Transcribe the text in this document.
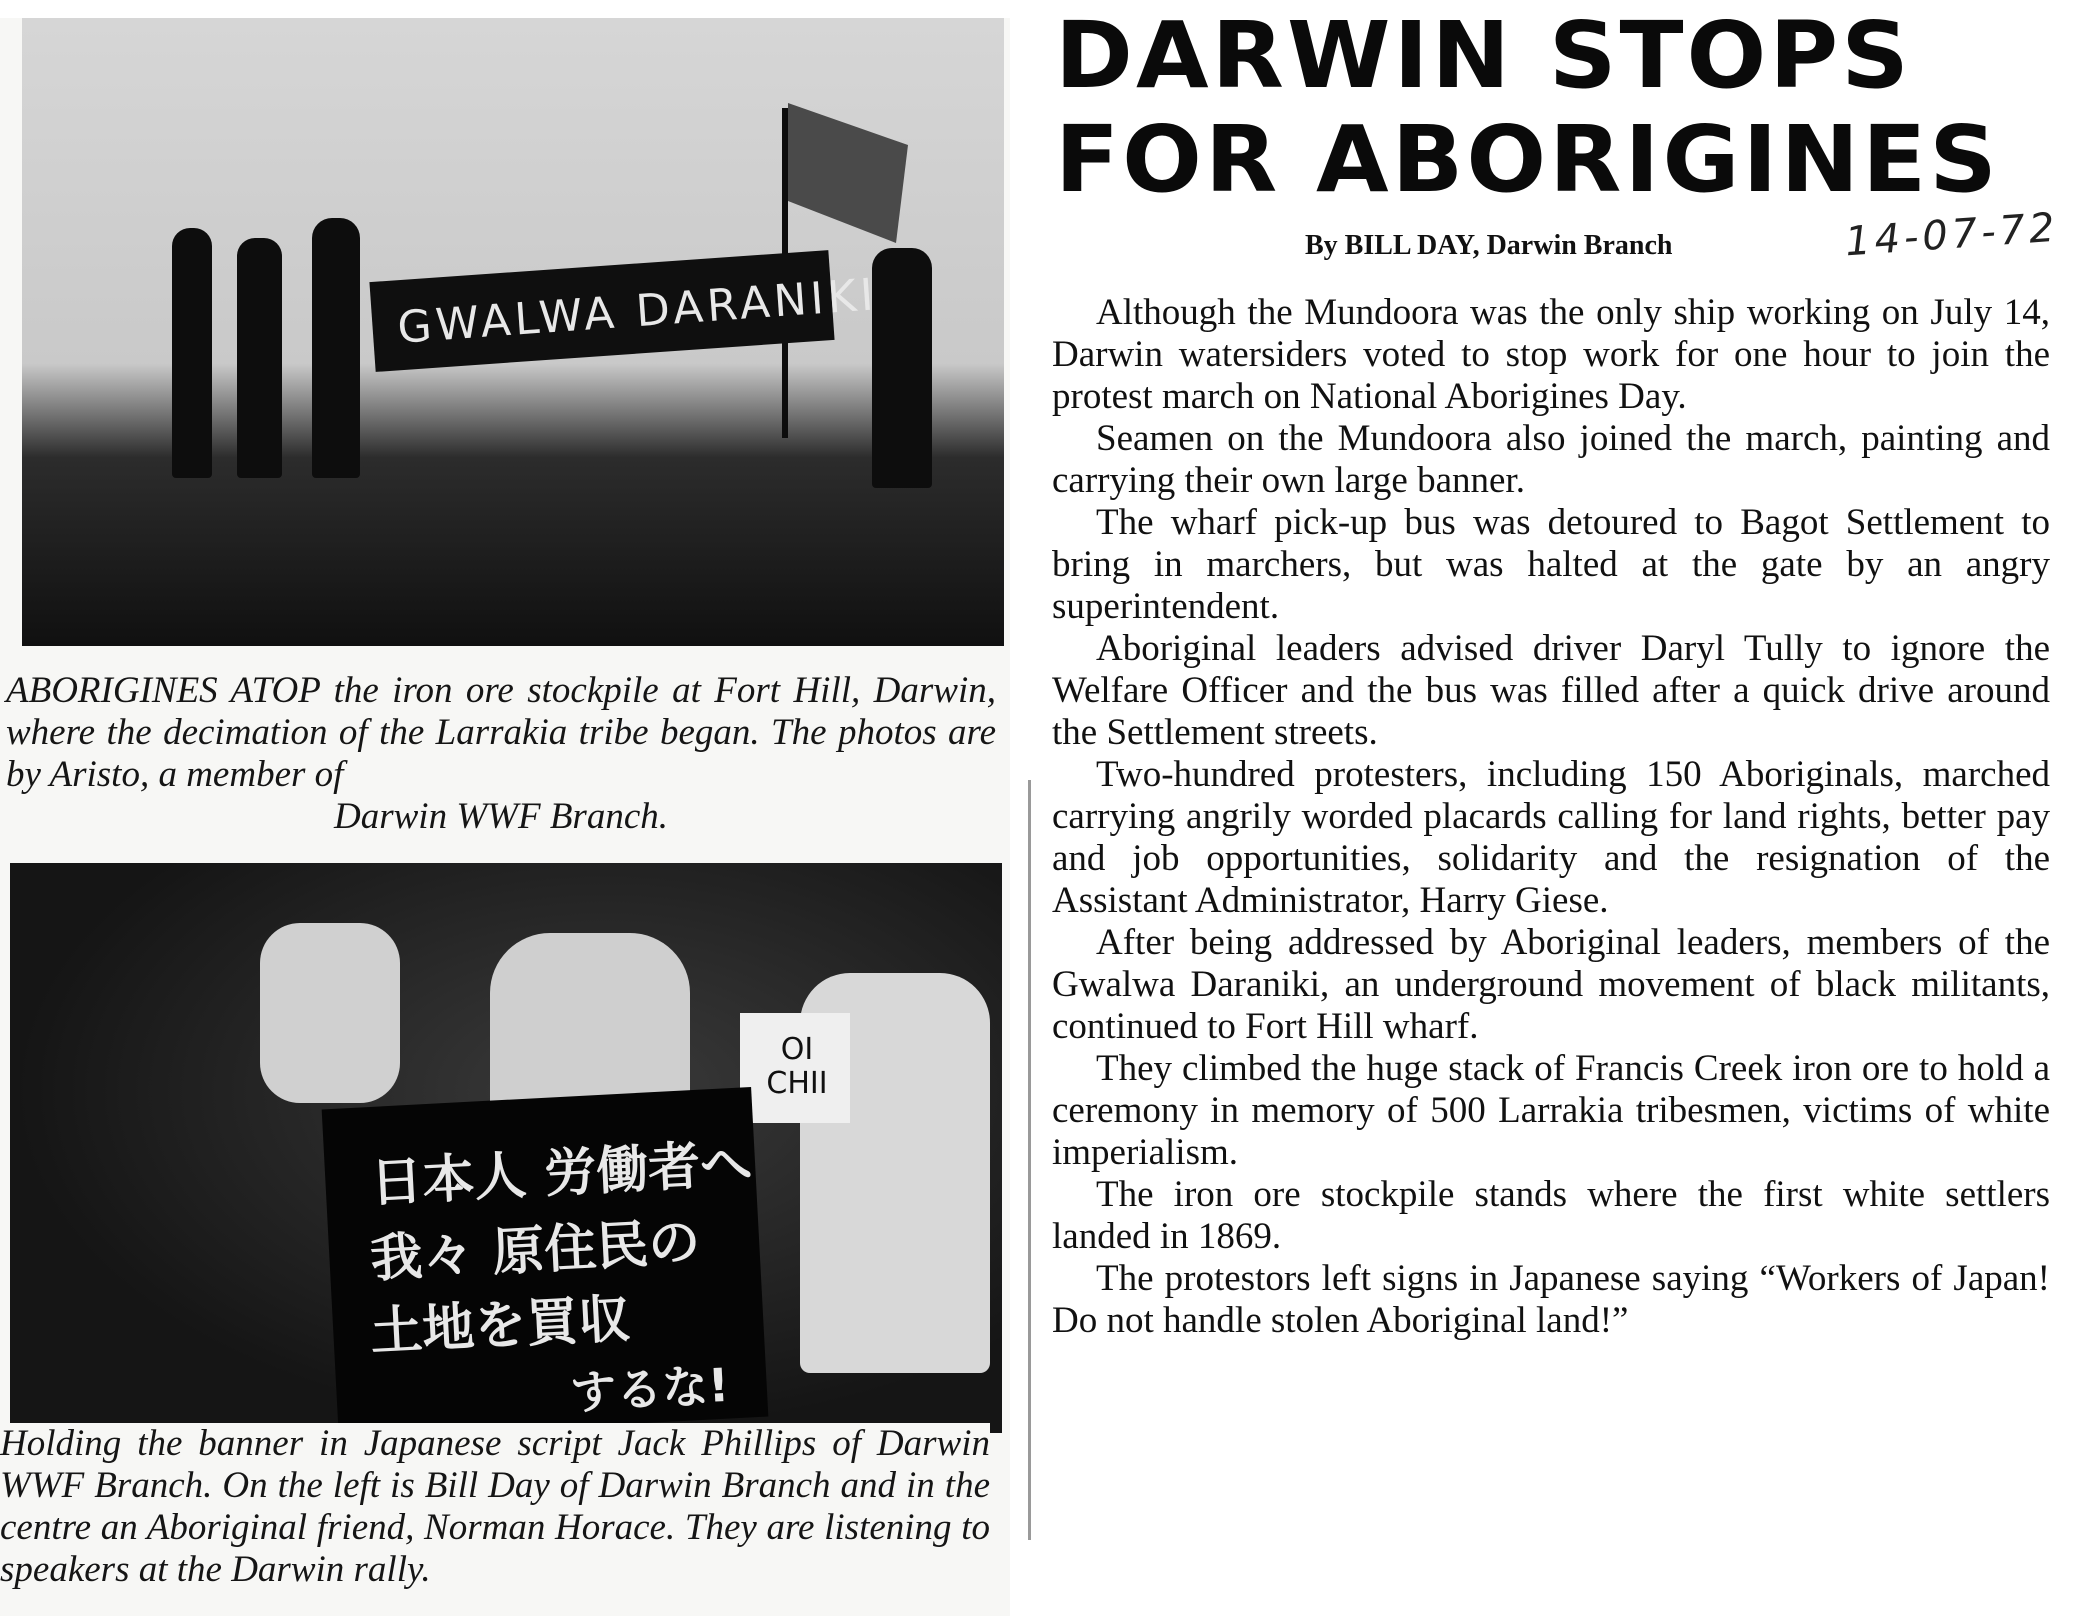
GWALWA DARANIKI
ABORIGINES ATOP the iron ore stockpile at Fort Hill, Darwin, where the decimation of the Larrakia tribe began. The photos are by Aristo, a member of
Darwin WWF Branch.
OI CHII
日本人 労働者へ
我々 原住民の
土地を買収
するな!
Holding the banner in Japanese script Jack Phillips of Darwin WWF Branch. On the left is Bill Day of Darwin Branch and in the centre an Aboriginal friend, Norman Horace. They are listening to speakers at the Darwin rally.
DARWIN STOPS
FOR ABORIGINES
By BILL DAY, Darwin Branch	14-07-72

Although the Mundoora was the only ship working on July 14, Darwin watersiders voted to stop work for one hour to join the protest march on National Aborigines Day.

Seamen on the Mundoora also joined the march, painting and carrying their own large banner.

The wharf pick-up bus was detoured to Bagot Settlement to bring in marchers, but was halted at the gate by an angry superintendent.

Aboriginal leaders advised driver Daryl Tully to ignore the Welfare Officer and the bus was filled after a quick drive around the Settlement streets.

Two-hundred protesters, including 150 Aboriginals, marched carrying angrily worded placards calling for land rights, better pay and job opportunities, solidarity and the resignation of the Assistant Administrator, Harry Giese.

After being addressed by Aboriginal leaders, members of the Gwalwa Daraniki, an underground movement of black militants, continued to Fort Hill wharf.

They climbed the huge stack of Francis Creek iron ore to hold a ceremony in memory of 500 Larrakia tribesmen, victims of white imperialism.

The iron ore stockpile stands where the first white settlers landed in 1869.

The protestors left signs in Japanese saying “Workers of Japan! Do not handle stolen Aboriginal land!”
